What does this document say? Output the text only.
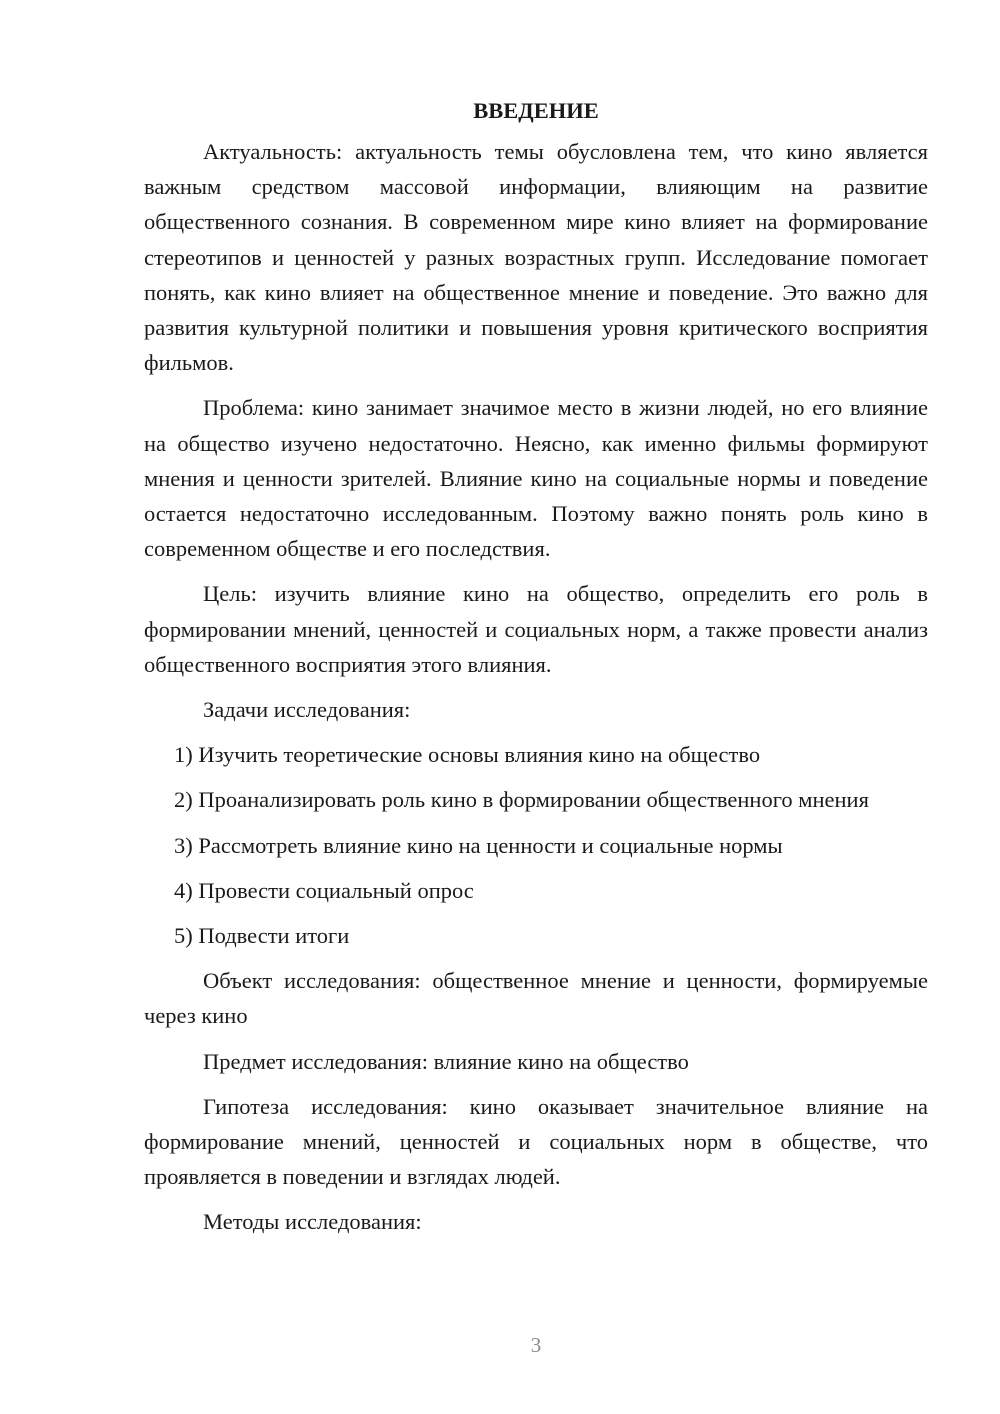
ВВЕДЕНИЕ

Актуальность: актуальность темы обусловлена тем, что кино является важным средством массовой информации, влияющим на развитие общественного сознания. В современном мире кино влияет на формирование стереотипов и ценностей у разных возрастных групп. Исследование помогает понять, как кино влияет на общественное мнение и поведение. Это важно для развития культурной политики и повышения уровня критического восприятия фильмов.

Проблема: кино занимает значимое место в жизни людей, но его влияние на общество изучено недостаточно. Неясно, как именно фильмы формируют мнения и ценности зрителей. Влияние кино на социальные нормы и поведение остается недостаточно исследованным. Поэтому важно понять роль кино в современном обществе и его последствия.

Цель: изучить влияние кино на общество, определить его роль в формировании мнений, ценностей и социальных норм, а также провести анализ общественного восприятия этого влияния.

Задачи исследования:

1) Изучить теоретические основы влияния кино на общество

2) Проанализировать роль кино в формировании общественного мнения

3) Рассмотреть влияние кино на ценности и социальные нормы

4) Провести социальный опрос

5) Подвести итоги

Объект исследования: общественное мнение и ценности, формируемые через кино

Предмет исследования: влияние кино на общество

Гипотеза исследования: кино оказывает значительное влияние на формирование мнений, ценностей и социальных норм в обществе, что проявляется в поведении и взглядах людей.

Методы исследования:

3
